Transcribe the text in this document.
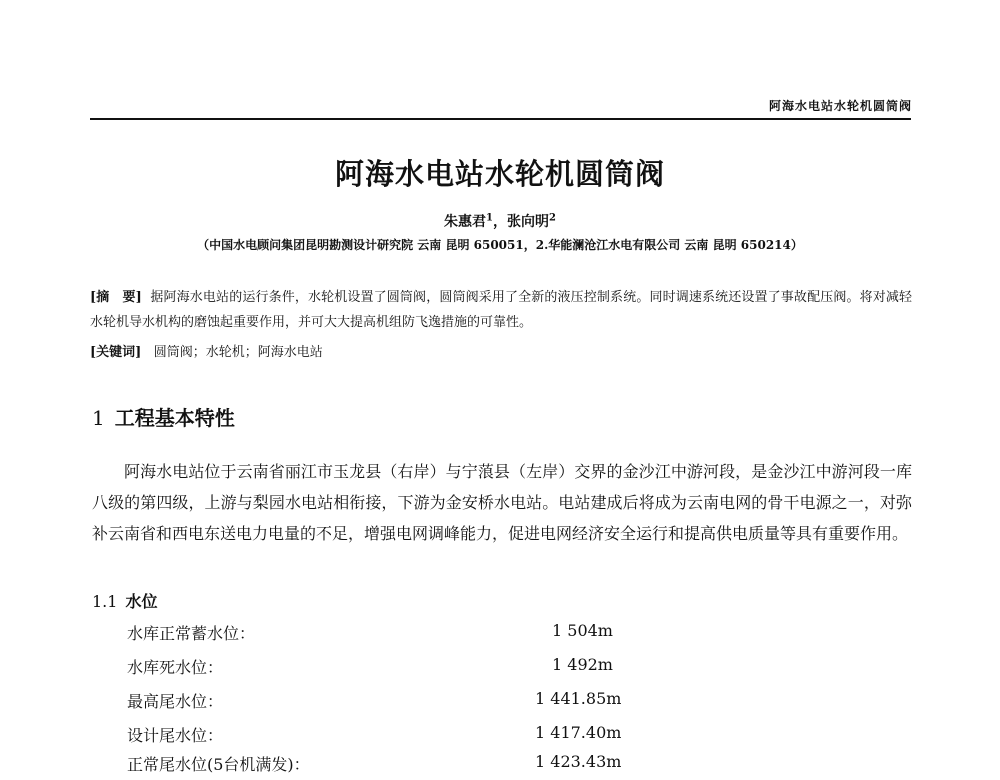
阿海水电站水轮机圆筒阀
阿海水电站水轮机圆筒阀
朱惠君$^1$，张向明$^2$
（中国水电顾问集团昆明勘测设计研究院 云南 昆明 650051，2.华能澜沧江水电有限公司 云南 昆明 650214）
[摘　要] 据阿海水电站的运行条件，水轮机设置了圆筒阀，圆筒阀采用了全新的液压控制系统。同时调速系统还设置了事故配压阀。将对减轻水轮机导水机构的磨蚀起重要作用，并可大大提高机组防飞逸措施的可靠性。
[关键词] 圆筒阀；水轮机；阿海水电站
1 工程基本特性
阿海水电站位于云南省丽江市玉龙县（右岸）与宁蒗县（左岸）交界的金沙江中游河段，是金沙江中游河段一库八级的第四级，上游与梨园水电站相衔接，下游为金安桥水电站。电站建成后将成为云南电网的骨干电源之一，对弥补云南省和西电东送电力电量的不足，增强电网调峰能力，促进电网经济安全运行和提高供电质量等具有重要作用。
1.1 水位
水库正常蓄水位：	1 504m
水库死水位：	1 492m
最高尾水位：	1 441.85m
设计尾水位：	1 417.40m
正常尾水位(5台机满发)：	1 423.43m
